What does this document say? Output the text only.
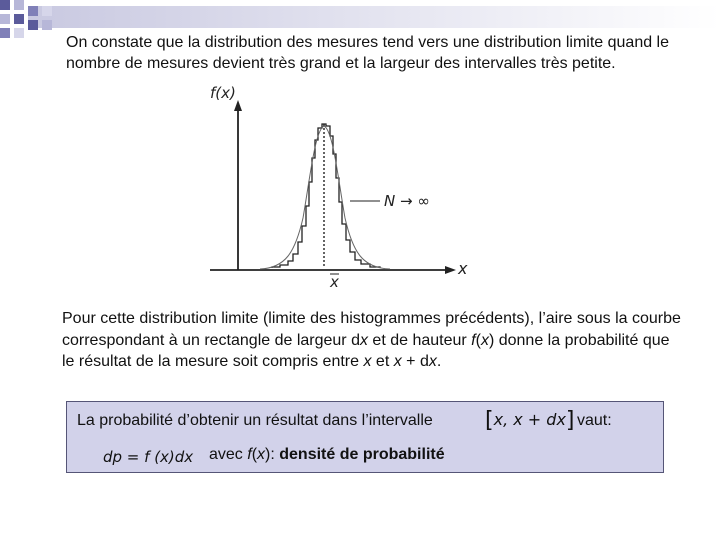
On constate que la distribution des mesures tend vers une distribution limite quand le nombre de mesures devient très grand et la largeur des intervalles très petite.

f(x)
x
x
N → ∞

Pour cette distribution limite (limite des histogrammes précédents), l’aire sous la courbe correspondant à un rectangle de largeur dx et de hauteur f(x) donne la probabilité que le résultat de la mesure soit compris entre x et x + dx.

La probabilité d’obtenir un résultat dans l’intervalle [x, x + dx] vaut:
dp = f (x)dx avec f(x): densité de probabilité
